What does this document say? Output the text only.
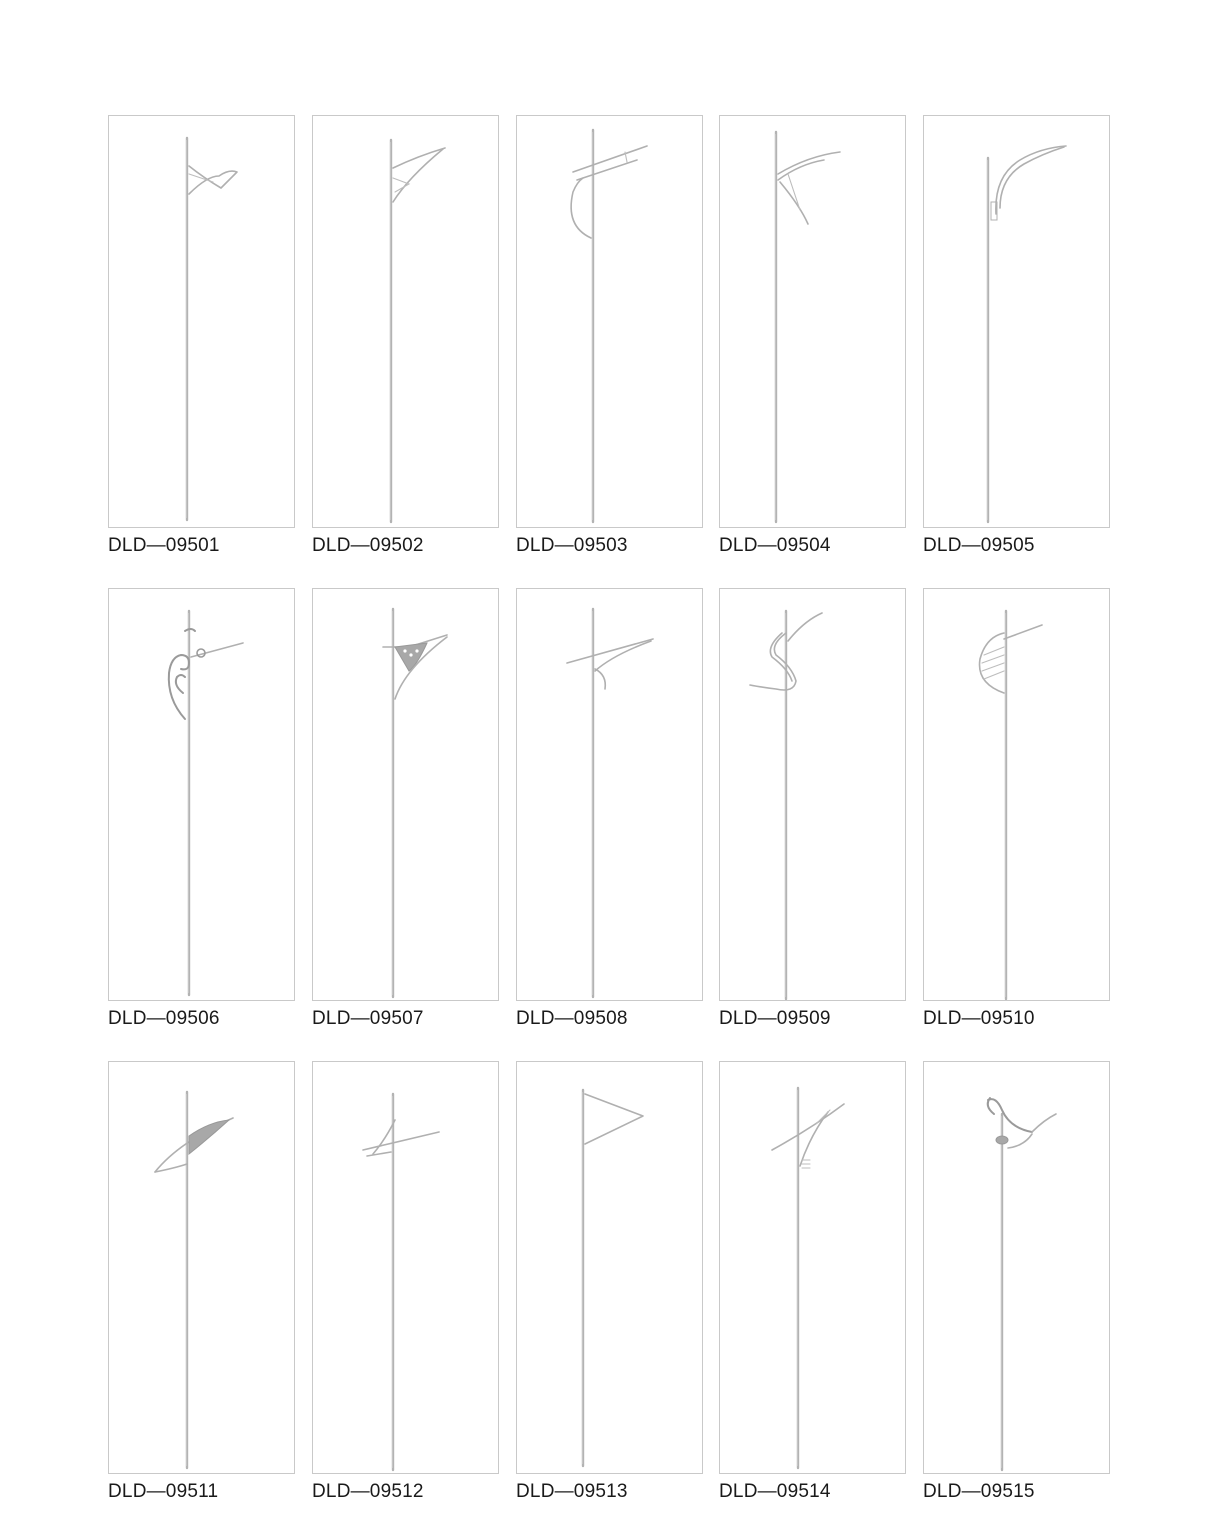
DLD—09501	DLD—09502	DLD—09503	DLD—09504	DLD—09505
DLD—09506	DLD—09507	DLD—09508	DLD—09509	DLD—09510
DLD—09511	DLD—09512	DLD—09513	DLD—09514	DLD—09515
